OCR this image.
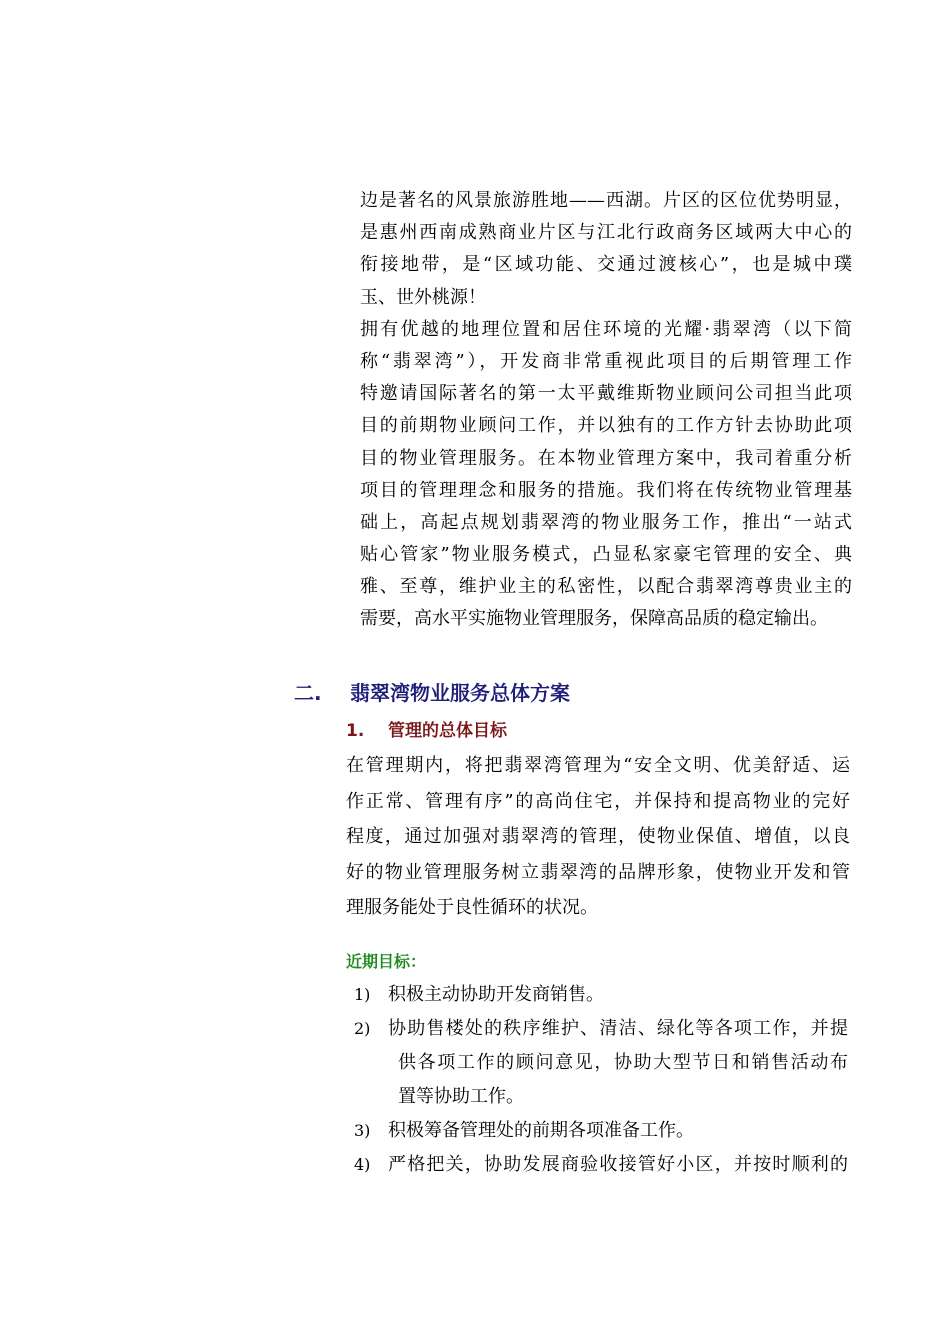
边是著名的风景旅游胜地——西湖。片区的区位优势明显，
是惠州西南成熟商业片区与江北行政商务区域两大中心的
衔接地带，是“区域功能、交通过渡核心”，也是城中璞
玉、世外桃源！
拥有优越的地理位置和居住环境的光耀·翡翠湾（以下简
称“翡翠湾”），开发商非常重视此项目的后期管理工作
特邀请国际著名的第一太平戴维斯物业顾问公司担当此项
目的前期物业顾问工作，并以独有的工作方针去协助此项
目的物业管理服务。在本物业管理方案中，我司着重分析
项目的管理理念和服务的措施。我们将在传统物业管理基
础上，高起点规划翡翠湾的物业服务工作，推出“一站式
贴心管家”物业服务模式，凸显私家豪宅管理的安全、典
雅、至尊，维护业主的私密性，以配合翡翠湾尊贵业主的
需要，高水平实施物业管理服务，保障高品质的稳定输出。
二. 翡翠湾物业服务总体方案
1. 管理的总体目标
在管理期内，将把翡翠湾管理为“安全文明、优美舒适、运
作正常、管理有序”的高尚住宅，并保持和提高物业的完好
程度，通过加强对翡翠湾的管理，使物业保值、增值，以良
好的物业管理服务树立翡翠湾的品牌形象，使物业开发和管
理服务能处于良性循环的状况。
近期目标：
1) 积极主动协助开发商销售。
2) 协助售楼处的秩序维护、清洁、绿化等各项工作，并提
供各项工作的顾问意见，协助大型节日和销售活动布
置等协助工作。
3) 积极筹备管理处的前期各项准备工作。
4) 严格把关，协助发展商验收接管好小区，并按时顺利的
